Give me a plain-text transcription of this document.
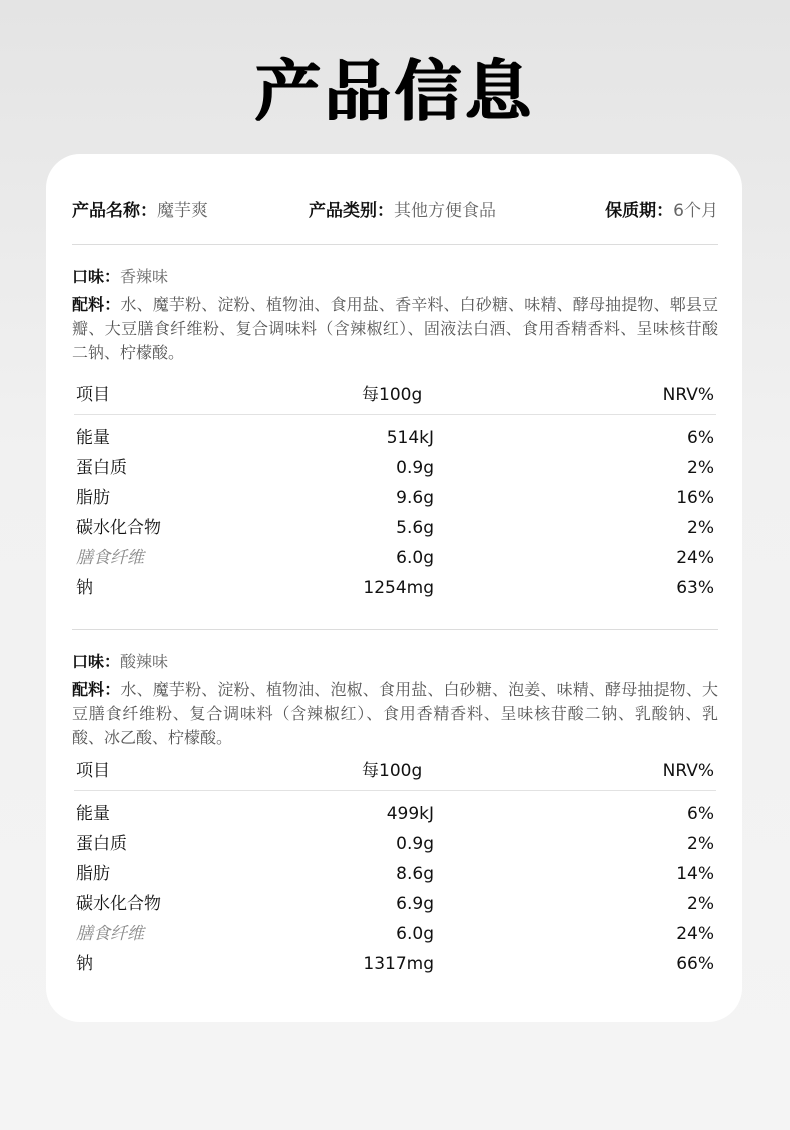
产品信息
产品名称：魔芋爽	产品类别：其他方便食品	保质期：6个月
口味：香辣味
配料：水、魔芋粉、淀粉、植物油、食用盐、香辛料、白砂糖、味精、酵母抽提物、郫县豆瓣、大豆膳食纤维粉、复合调味料（含辣椒红）、固液法白酒、食用香精香料、呈味核苷酸二钠、柠檬酸。
项目	每100g	NRV%
能量	514kJ	6%
蛋白质	0.9g	2%
脂肪	9.6g	16%
碳水化合物	5.6g	2%
膳食纤维	6.0g	24%
钠	1254mg	63%
口味：酸辣味
配料：水、魔芋粉、淀粉、植物油、泡椒、食用盐、白砂糖、泡姜、味精、酵母抽提物、大豆膳食纤维粉、复合调味料（含辣椒红）、食用香精香料、呈味核苷酸二钠、乳酸钠、乳酸、冰乙酸、柠檬酸。
项目	每100g	NRV%
能量	499kJ	6%
蛋白质	0.9g	2%
脂肪	8.6g	14%
碳水化合物	6.9g	2%
膳食纤维	6.0g	24%
钠	1317mg	66%
